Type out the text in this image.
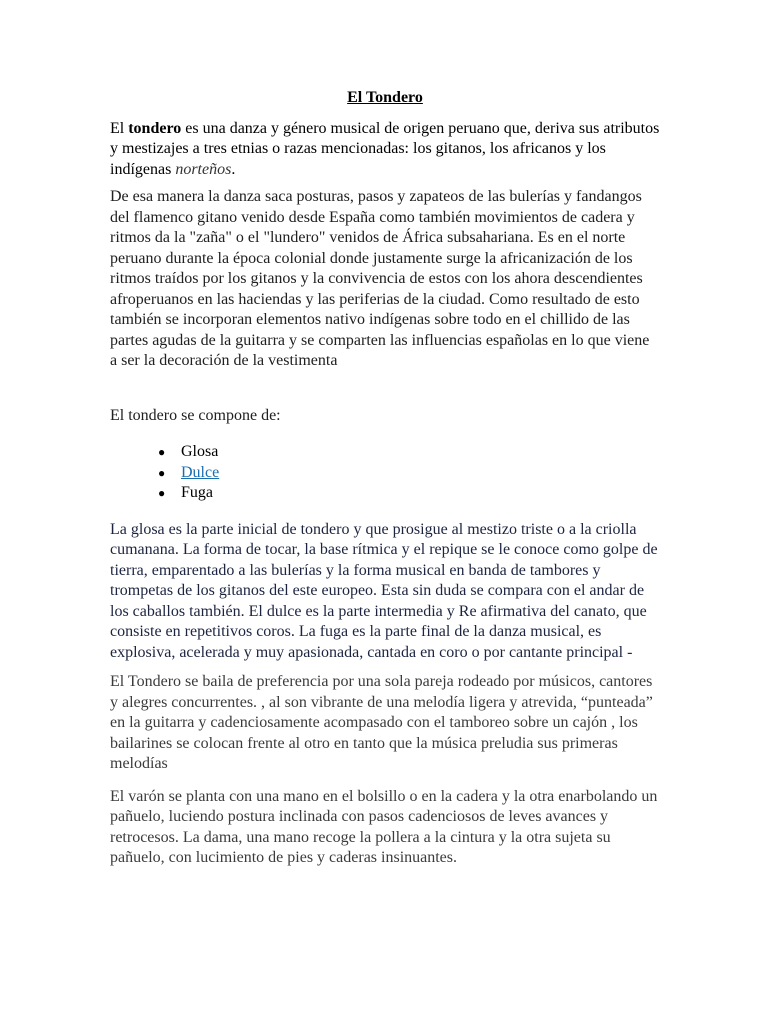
El Tondero

El tondero es una danza y género musical de origen peruano que, deriva sus atributos y mestizajes a tres etnias o razas mencionadas: los gitanos, los africanos y los indígenas norteños.

De esa manera la danza saca posturas, pasos y zapateos de las bulerías y fandangos del flamenco gitano venido desde España como también movimientos de cadera y ritmos da la "zaña" o el "lundero" venidos de África subsahariana. Es en el norte peruano durante la época colonial donde justamente surge la africanización de los ritmos traídos por los gitanos y la convivencia de estos con los ahora descendientes afroperuanos en las haciendas y las periferias de la ciudad. Como resultado de esto también se incorporan elementos nativo indígenas sobre todo en el chillido de las partes agudas de la guitarra y se comparten las influencias españolas en lo que viene a ser la decoración de la vestimenta

El tondero se compone de:

● Glosa
● Dulce
● Fuga

La glosa es la parte inicial de tondero y que prosigue al mestizo triste o a la criolla cumanana. La forma de tocar, la base rítmica y el repique se le conoce como golpe de tierra, emparentado a las bulerías y la forma musical en banda de tambores y trompetas de los gitanos del este europeo. Esta sin duda se compara con el andar de los caballos también. El dulce es la parte intermedia y Re afirmativa del canato, que consiste en repetitivos coros. La fuga es la parte final de la danza musical, es explosiva, acelerada y muy apasionada, cantada en coro o por cantante principal -

El Tondero se baila de preferencia por una sola pareja rodeado por músicos, cantores y alegres concurrentes. , al son vibrante de una melodía ligera y atrevida, “punteada” en la guitarra y cadenciosamente acompasado con el tamboreo sobre un cajón , los bailarines se colocan frente al otro en tanto que la música preludia sus primeras melodías

El varón se planta con una mano en el bolsillo o en la cadera y la otra enarbolando un pañuelo, luciendo postura inclinada con pasos cadenciosos de leves avances y retrocesos. La dama, una mano recoge la pollera a la cintura y la otra sujeta su pañuelo, con lucimiento de pies y caderas insinuantes.
